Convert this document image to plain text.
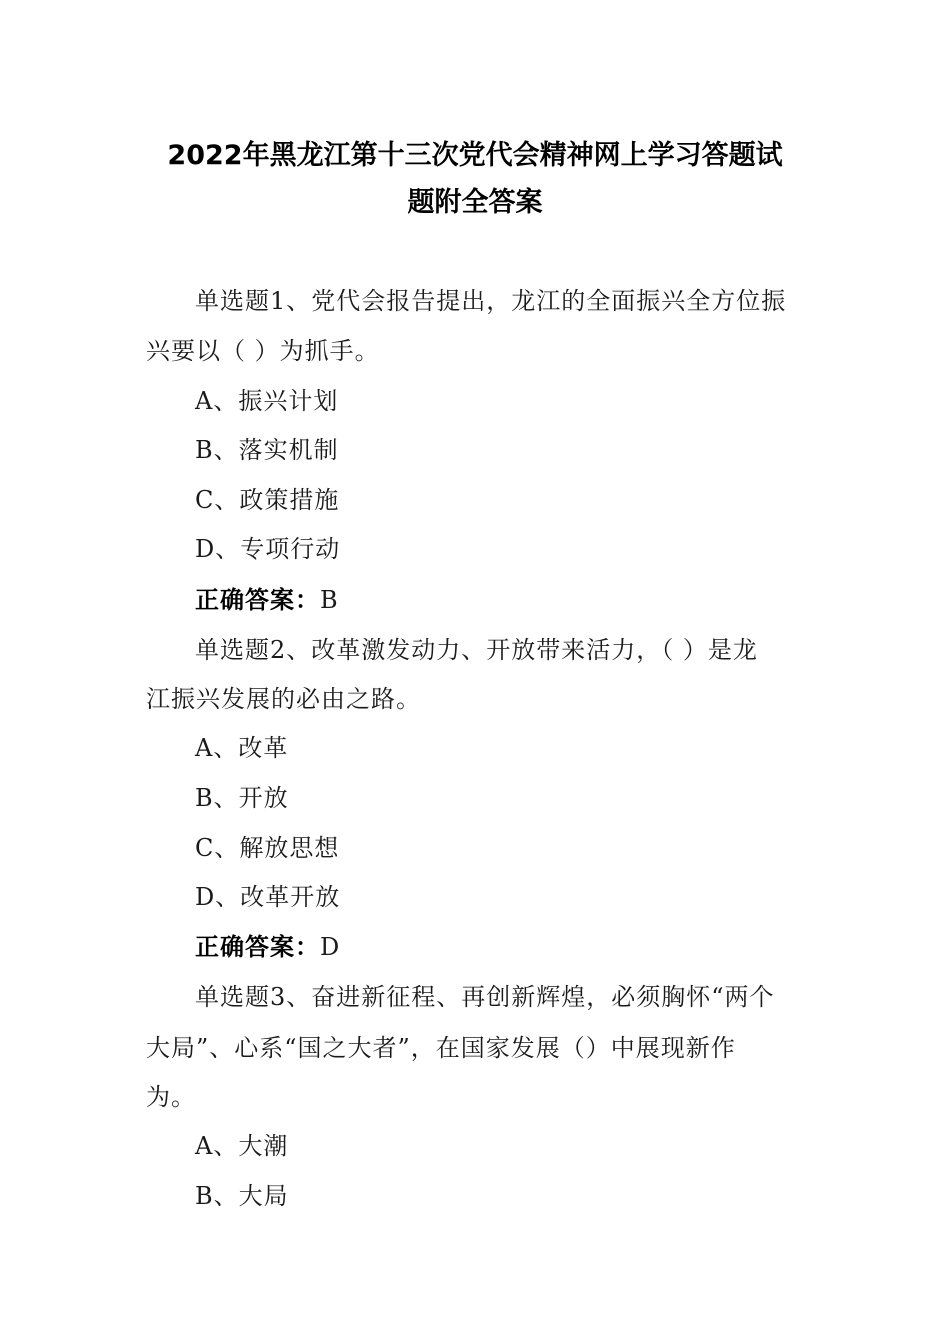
2022年黑龙江第十三次党代会精神网上学习答题试
题附全答案
单选题1、党代会报告提出，龙江的全面振兴全方位振
兴要以（ ）为抓手。
A、振兴计划
B、落实机制
C、政策措施
D、专项行动
正确答案：B
单选题2、改革激发动力、开放带来活力，（ ）是龙
江振兴发展的必由之路。
A、改革
B、开放
C、解放思想
D、改革开放
正确答案：D
单选题3、奋进新征程、再创新辉煌，必须胸怀“两个
大局”、心系“国之大者”，在国家发展（）中展现新作
为。
A、大潮
B、大局
